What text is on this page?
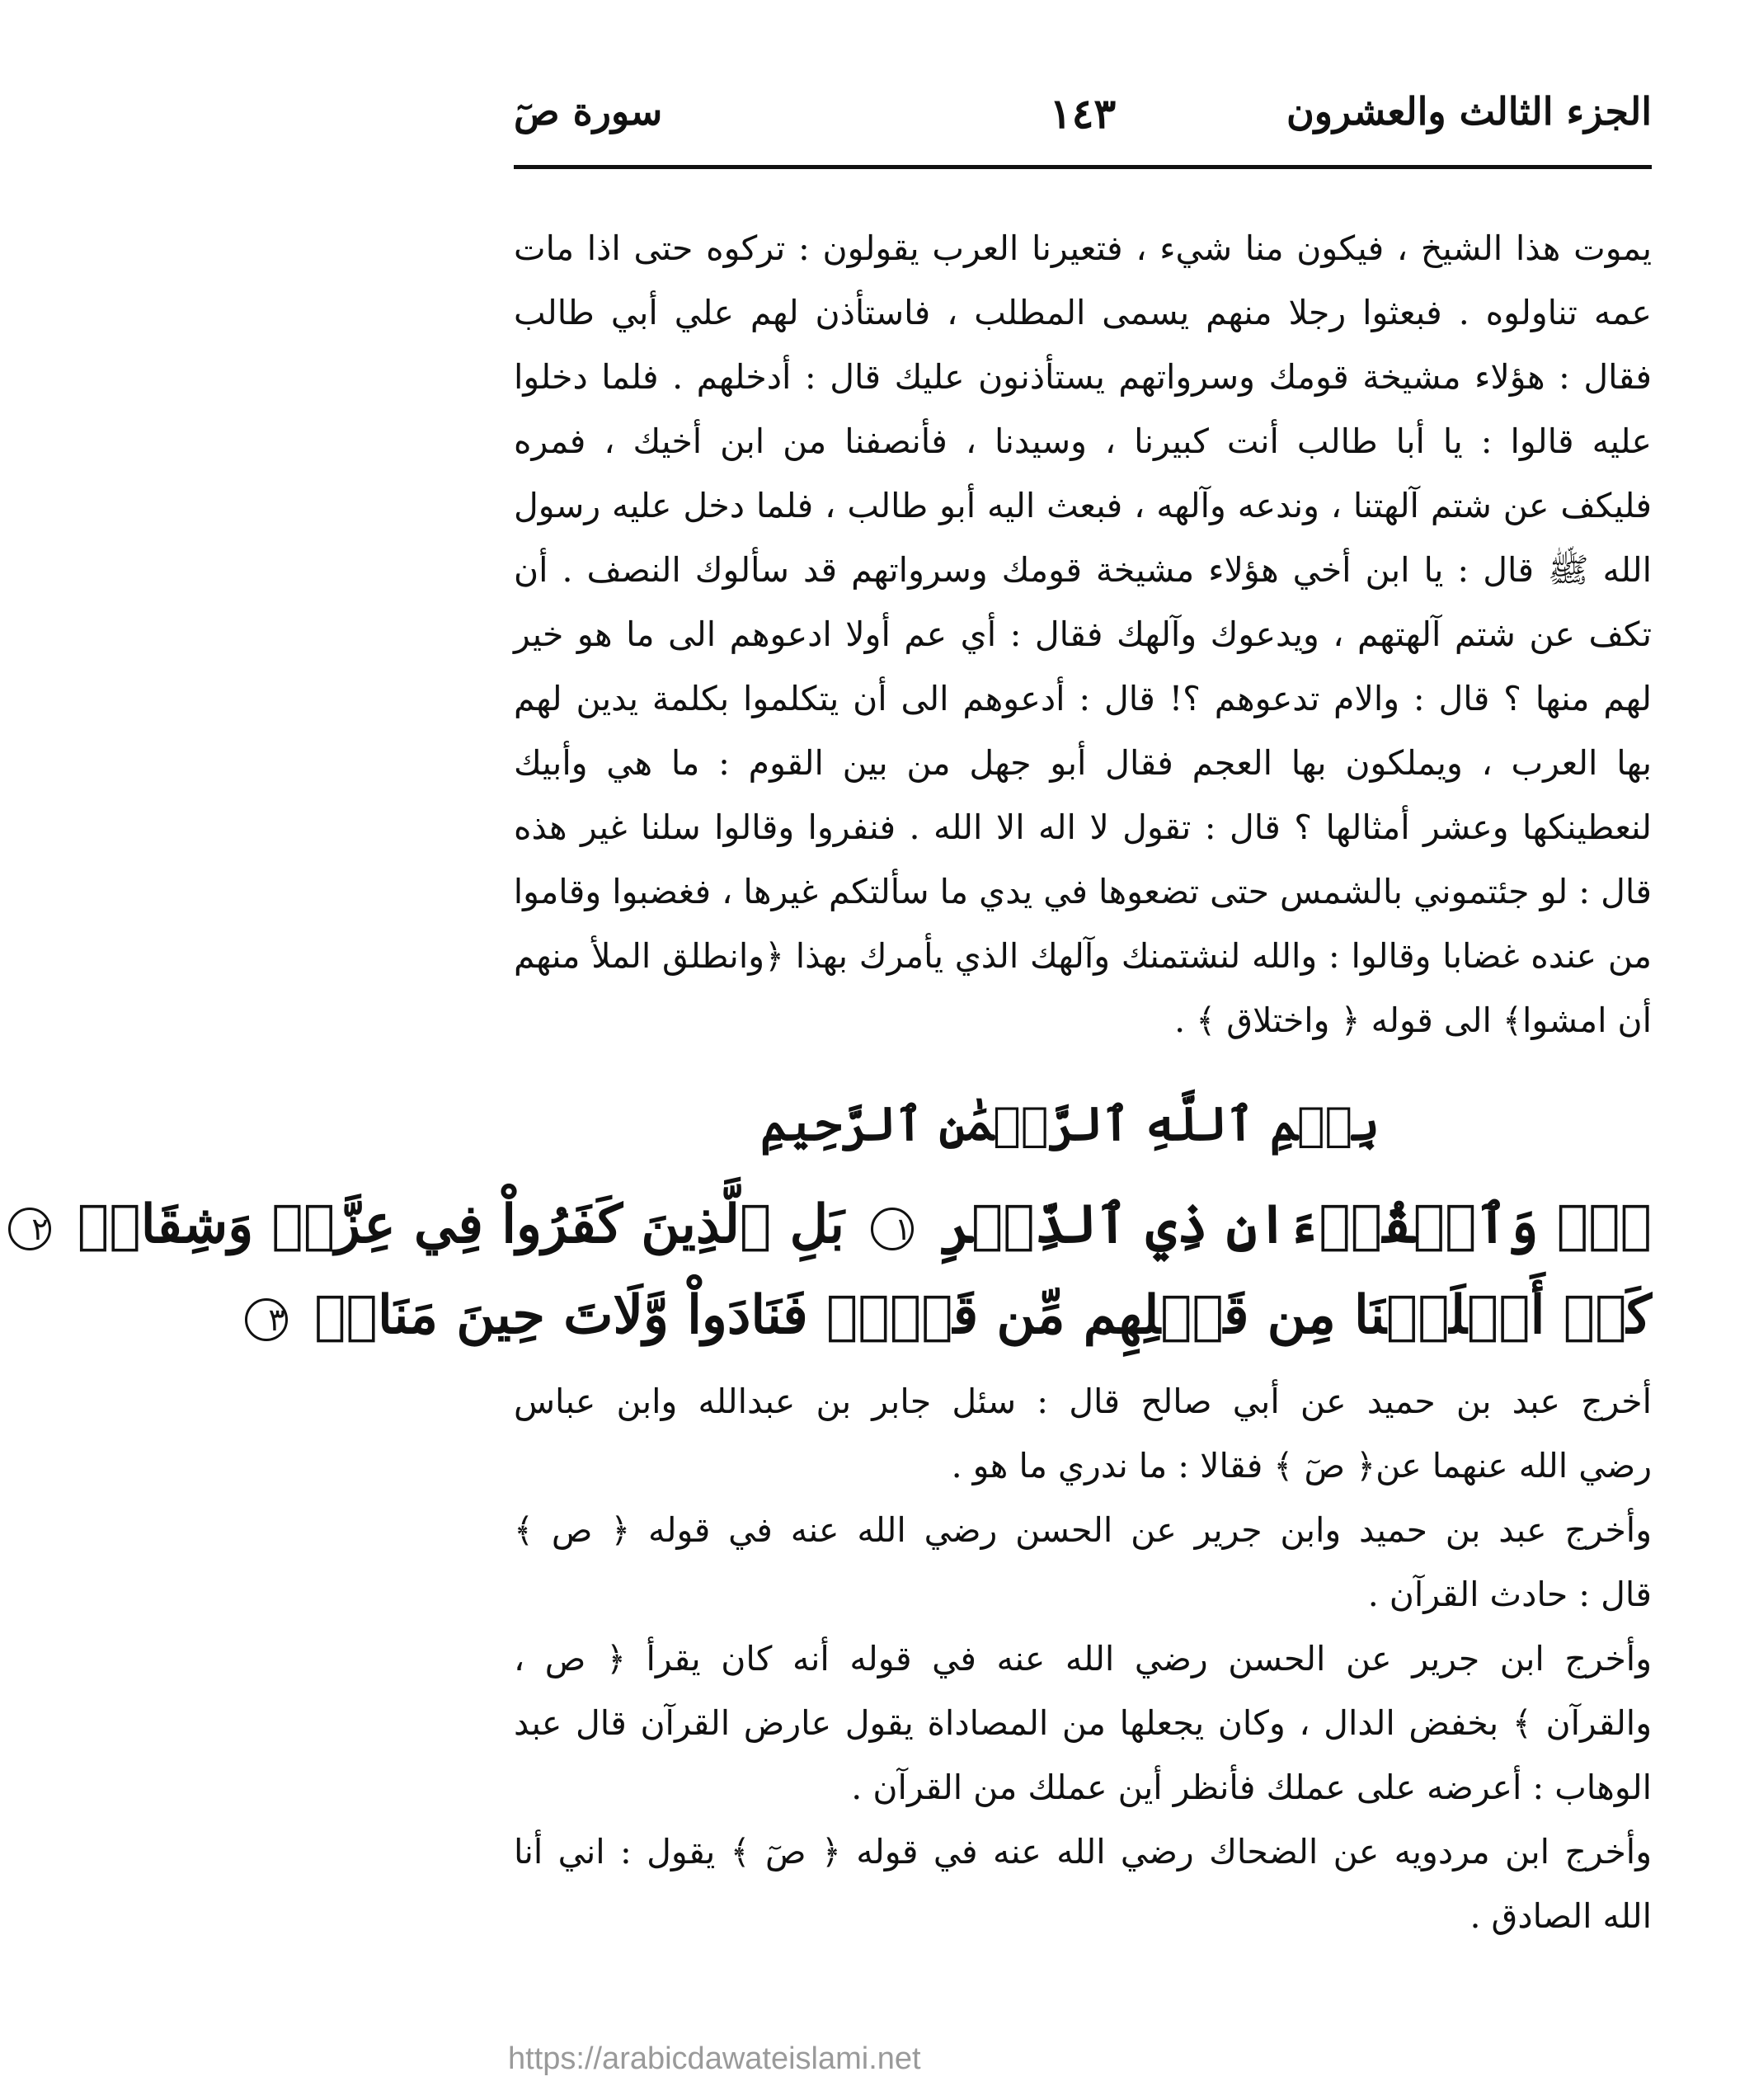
الجزء الثالث والعشرون
١٤٣
سورة صٓ
يموت هذا الشيخ ، فيكون منا شيء ، فتعيرنا العرب يقولون : تركوه حتى اذا مات
عمه تناولوه . فبعثوا رجلا منهم يسمى المطلب ، فاستأذن لهم علي أبي طالب
فقال : هؤلاء مشيخة قومك وسرواتهم يستأذنون عليك قال : أدخلهم . فلما دخلوا
عليه قالوا : يا أبا طالب أنت كبيرنا ، وسيدنا ، فأنصفنا من ابن أخيك ، فمره
فليكف عن شتم آلهتنا ، وندعه وآلهه ، فبعث اليه أبو طالب ، فلما دخل عليه رسول
الله ﷺ قال : يا ابن أخي هؤلاء مشيخة قومك وسرواتهم قد سألوك النصف . أن
تكف عن شتم آلهتهم ، ويدعوك وآلهك فقال : أي عم أولا ادعوهم الى ما هو خير
لهم منها ؟ قال : والام تدعوهم ؟! قال : أدعوهم الى أن يتكلموا بكلمة يدين لهم
بها العرب ، ويملكون بها العجم فقال أبو جهل من بين القوم : ما هي وأبيك
لنعطينكها وعشر أمثالها ؟ قال : تقول لا اله الا الله . فنفروا وقالوا سلنا غير هذه
قال : لو جئتموني بالشمس حتى تضعوها في يدي ما سألتكم غيرها ، فغضبوا وقاموا
من عنده غضابا وقالوا : والله لنشتمنك وآلهك الذي يأمرك بهذا ﴿وانطلق الملأ منهم
أن امشوا﴾ الى قوله ﴿ واختلاق ﴾ .
بِسۡمِ ٱللَّهِ ٱلرَّحۡمَٰنِ ٱلرَّحِيمِ
صٓۚ وَٱلۡقُرۡءَانِ ذِي ٱلذِّكۡرِ ١ بَلِ ٱلَّذِينَ كَفَرُواْ فِي عِزَّةٖ وَشِقَاقٖ ٢
كَمۡ أَهۡلَكۡنَا مِن قَبۡلِهِم مِّن قَرۡنٖ فَنَادَواْ وَّلَاتَ حِينَ مَنَاصٖ ٣
أخرج عبد بن حميد عن أبي صالح قال : سئل جابر بن عبدالله وابن عباس
رضي الله عنهما عن﴿ صٓ ﴾ فقالا : ما ندري ما هو .
وأخرج عبد بن حميد وابن جرير عن الحسن رضي الله عنه في قوله ﴿ ص ﴾
قال : حادث القرآن .
وأخرج ابن جرير عن الحسن رضي الله عنه في قوله أنه كان يقرأ ﴿ ص ،
والقرآن ﴾ بخفض الدال ، وكان يجعلها من المصاداة يقول عارض القرآن قال عبد
الوهاب : أعرضه على عملك فأنظر أين عملك من القرآن .
وأخرج ابن مردويه عن الضحاك رضي الله عنه في قوله ﴿ صٓ ﴾ يقول : اني أنا
الله الصادق .
https://arabicdawateislami.net
